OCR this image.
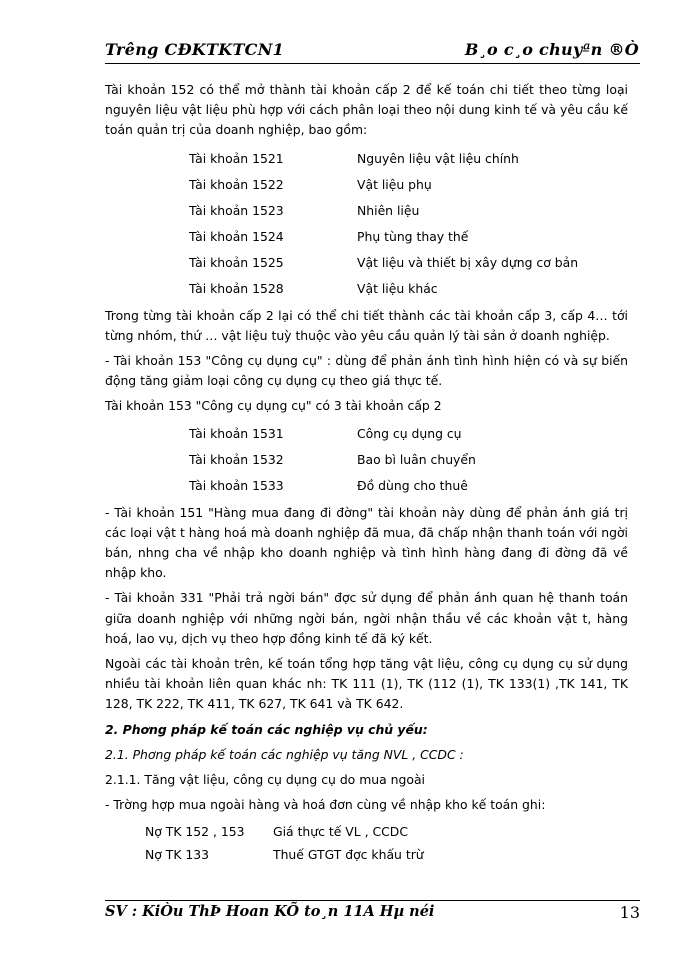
Trêng CĐKTKTCN1	B¸o c¸o chuyªn ®Ò

Tài khoản 152 có thể mở thành tài khoản cấp 2 để kế toán chi tiết theo từng loại nguyên liệu vật liệu phù hợp với cách phân loại theo nội dung kinh tế và yêu cầu kế toán quản trị của doanh nghiệp, bao gồm:

Tài khoản 1521	Nguyên liệu vật liệu chính
Tài khoản 1522	Vật liệu phụ
Tài khoản 1523	Nhiên liệu
Tài khoản 1524	Phụ tùng thay thế
Tài khoản 1525	Vật liệu và thiết bị xây dựng cơ bản
Tài khoản 1528	Vật liệu khác

Trong từng tài khoản cấp 2 lại có thể chi tiết thành các tài khoản cấp 3, cấp 4… tới từng nhóm, thứ … vật liệu tuỳ thuộc vào yêu cầu quản lý tài sản ở doanh nghiệp.

- Tài khoản 153 "Công cụ dụng cụ" : dùng để phản ánh tình hình hiện có và sự biến động tăng giảm loại công cụ dụng cụ theo giá thực tế.

Tài khoản 153 "Công cụ dụng cụ" có 3 tài khoản cấp 2

Tài khoản 1531	Công cụ dụng cụ
Tài khoản 1532	Bao bì luân chuyển
Tài khoản 1533	Đồ dùng cho thuê

- Tài khoản 151 "Hàng mua đang đi đờng" tài khoản này dùng để phản ánh giá trị các loại vật t hàng hoá mà doanh nghiệp đã mua, đã chấp nhận thanh toán với ngời bán, nhng cha về nhập kho doanh nghiệp và tình hình hàng đang đi đờng đã về nhập kho.

- Tài khoản 331 "Phải trả ngời bán" đợc sử dụng để phản ánh quan hệ thanh toán giữa doanh nghiệp với những ngời bán, ngời nhận thầu về các khoản vật t, hàng hoá, lao vụ, dịch vụ theo hợp đồng kinh tế đã ký kết.

Ngoài các tài khoản trên, kế toán tổng hợp tăng vật liệu, công cụ dụng cụ sử dụng nhiều tài khoản liên quan khác nh: TK 111 (1), TK (112 (1), TK 133(1) ,TK 141, TK 128, TK 222, TK 411, TK 627, TK 641 và TK 642.

2. Phơng pháp kế toán các nghiệp vụ chủ yếu:

2.1. Phơng pháp kế toán các nghiệp vụ tăng NVL , CCDC :

2.1.1. Tăng vật liệu, công cụ dụng cụ do mua ngoài

- Trờng hợp mua ngoài hàng và hoá đơn cùng về nhập kho kế toán ghi:

Nợ TK 152 , 153	Giá thực tế VL , CCDC
Nợ TK 133	Thuế GTGT đợc khấu trừ
SV : KiÒu ThÞ Hoan KÕ to¸n 11A Hµ néi	13
